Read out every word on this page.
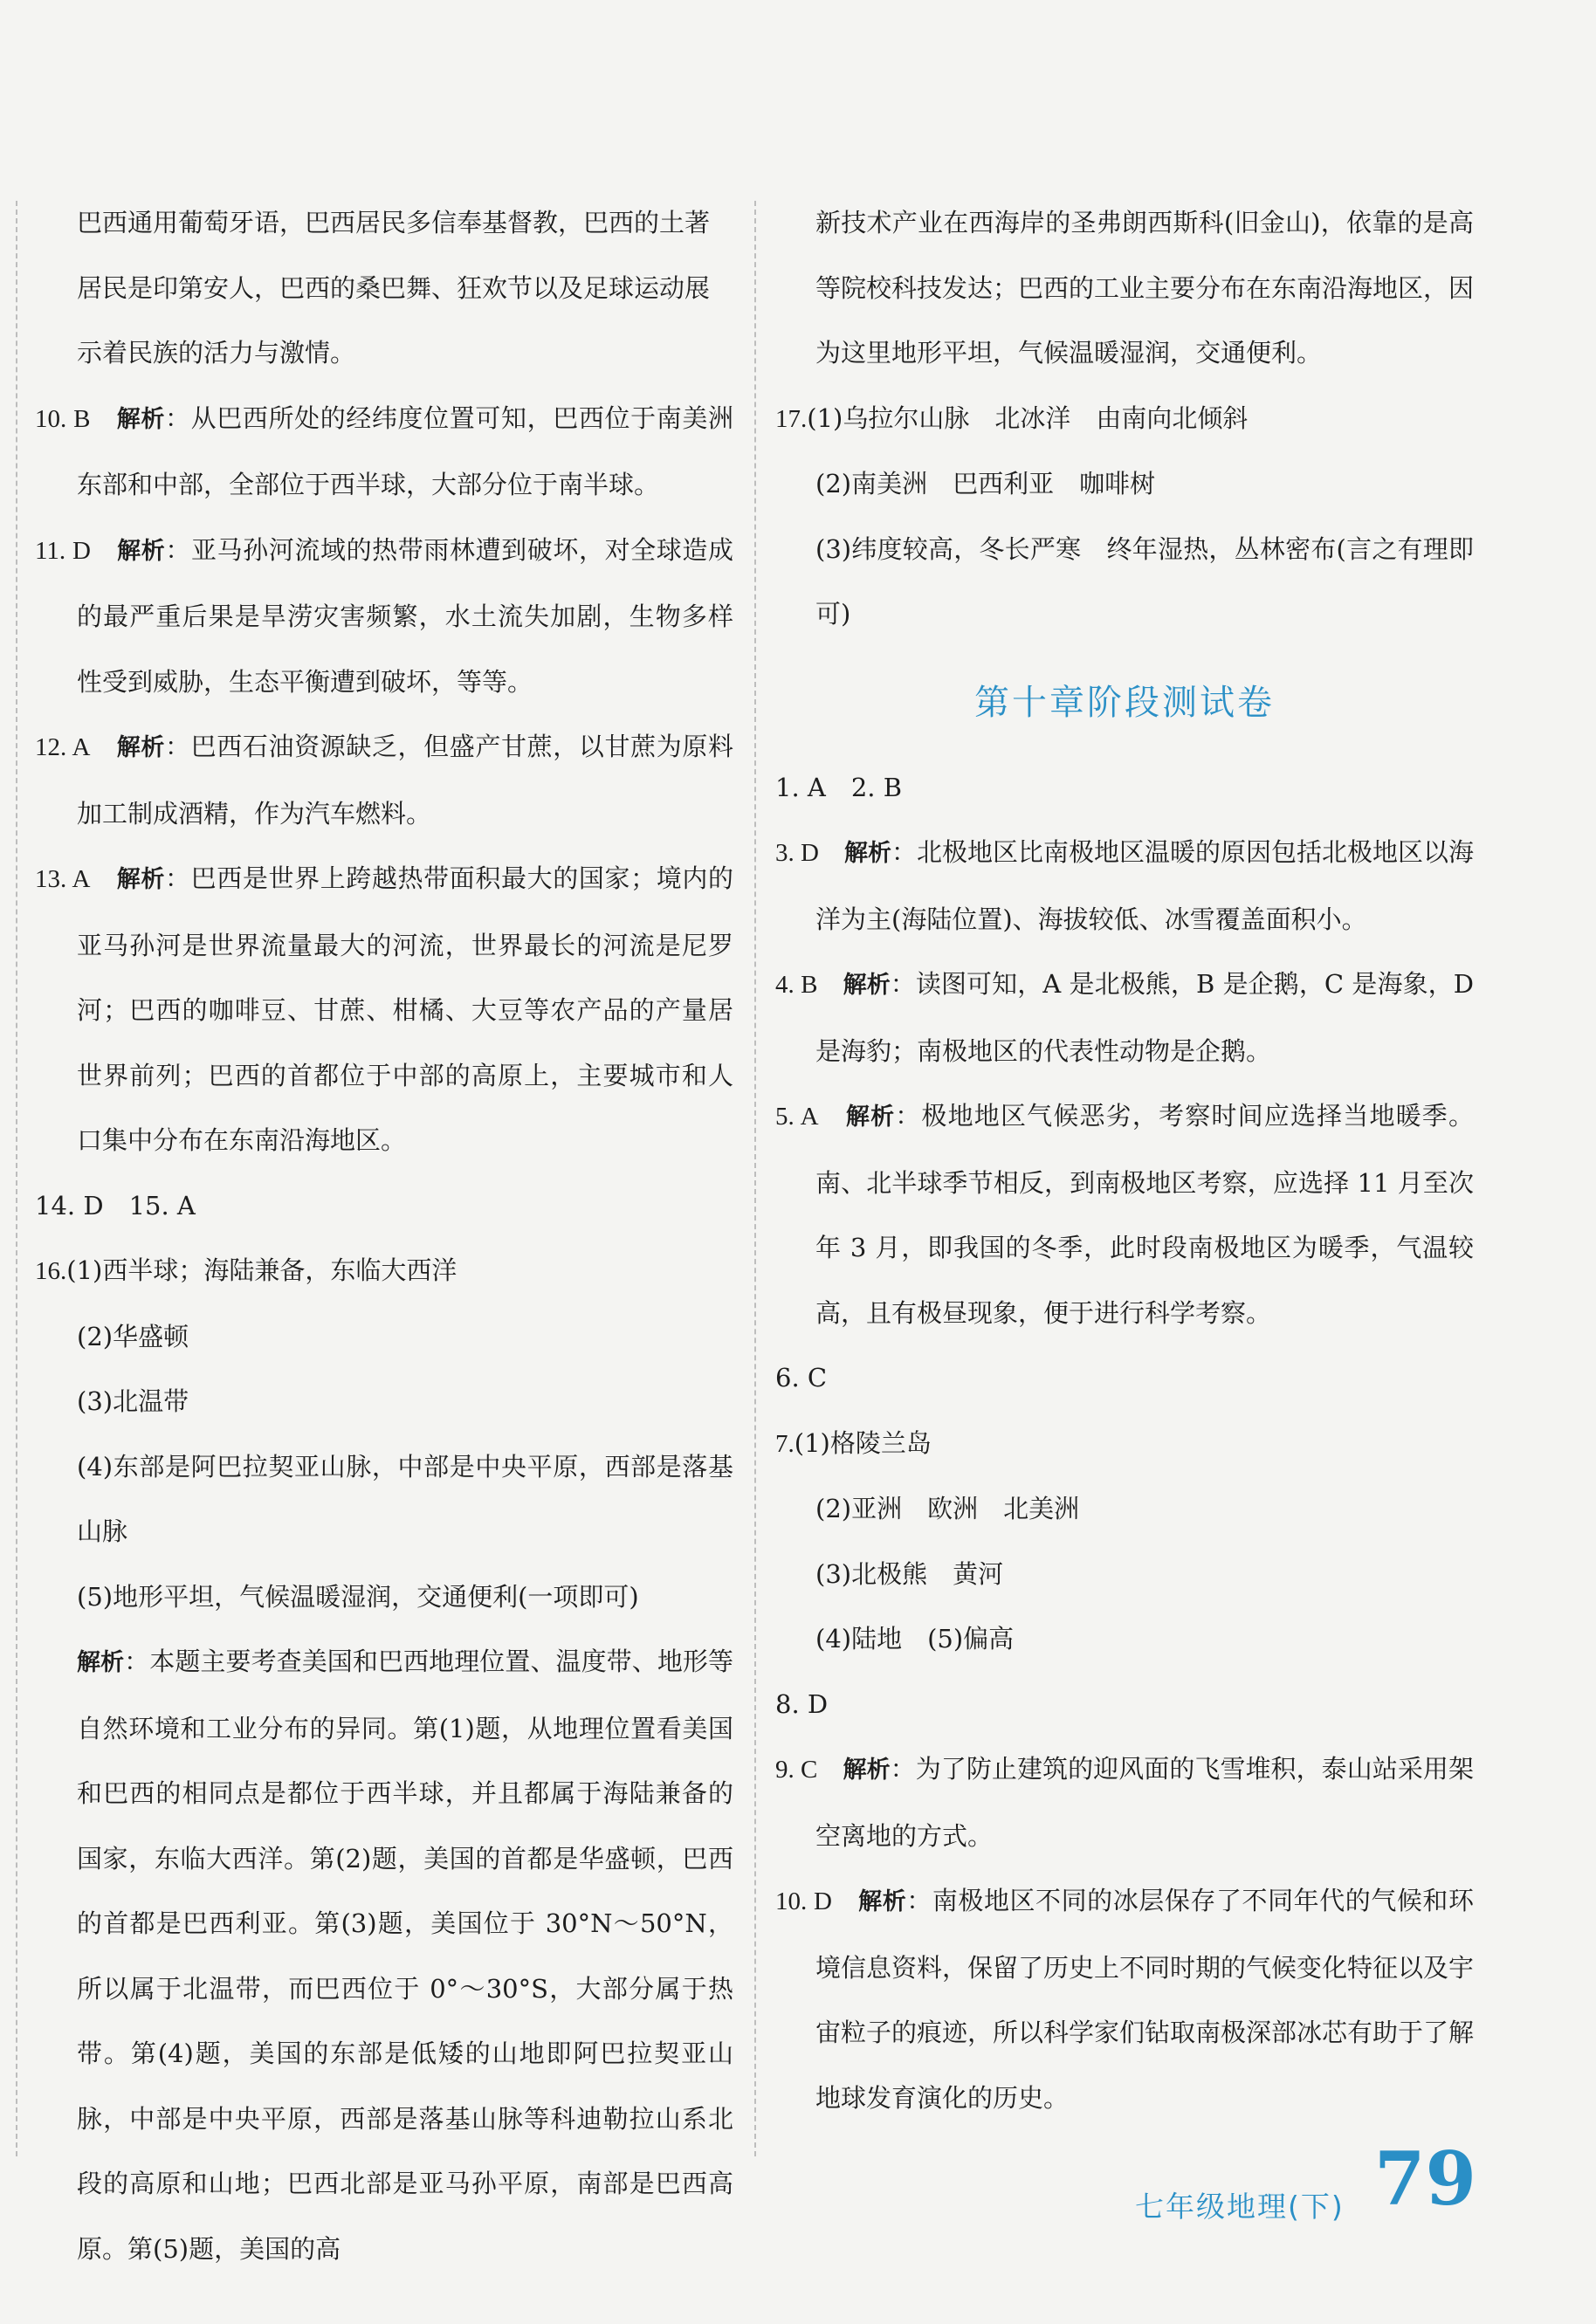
巴西通用葡萄牙语，巴西居民多信奉基督教，巴西的土著
居民是印第安人，巴西的桑巴舞、狂欢节以及足球运动展
示着民族的活力与激情。
10. B　 解析：从巴西所处的经纬度位置可知，巴西位于南美洲东部和中部，全部位于西半球，大部分位于南半球。
11. D　 解析：亚马孙河流域的热带雨林遭到破坏，对全球造成的最严重后果是旱涝灾害频繁，水土流失加剧，生物多样性受到威胁，生态平衡遭到破坏，等等。
12. A　 解析：巴西石油资源缺乏，但盛产甘蔗，以甘蔗为原料加工制成酒精，作为汽车燃料。
13. A　 解析：巴西是世界上跨越热带面积最大的国家；境内的亚马孙河是世界流量最大的河流，世界最长的河流是尼罗河；巴西的咖啡豆、甘蔗、柑橘、大豆等农产品的产量居世界前列；巴西的首都位于中部的高原上，主要城市和人口集中分布在东南沿海地区。
14. D　15. A
16.(1)西半球；海陆兼备，东临大西洋
(2)华盛顿
(3)北温带
(4)东部是阿巴拉契亚山脉，中部是中央平原，西部是落基山脉
(5)地形平坦，气候温暖湿润，交通便利(一项即可)
解析：本题主要考查美国和巴西地理位置、温度带、地形等自然环境和工业分布的异同。第(1)题，从地理位置看美国和巴西的相同点是都位于西半球，并且都属于海陆兼备的国家，东临大西洋。第(2)题，美国的首都是华盛顿，巴西的首都是巴西利亚。第(3)题，美国位于 30°N～50°N，所以属于北温带，而巴西位于 0°～30°S，大部分属于热带。第(4)题，美国的东部是低矮的山地即阿巴拉契亚山脉，中部是中央平原，西部是落基山脉等科迪勒拉山系北段的高原和山地；巴西北部是亚马孙平原，南部是巴西高原。第(5)题，美国的高
新技术产业在西海岸的圣弗朗西斯科(旧金山)，依靠的是高等院校科技发达；巴西的工业主要分布在东南沿海地区，因为这里地形平坦，气候温暖湿润，交通便利。
17.(1)乌拉尔山脉　北冰洋　由南向北倾斜
(2)南美洲　巴西利亚　咖啡树
(3)纬度较高，冬长严寒　终年湿热，丛林密布(言之有理即可)
第十章阶段测试卷
1. A　2. B
3. D　 解析：北极地区比南极地区温暖的原因包括北极地区以海洋为主(海陆位置)、海拔较低、冰雪覆盖面积小。
4. B　 解析：读图可知，A 是北极熊，B 是企鹅，C 是海象，D 是海豹；南极地区的代表性动物是企鹅。
5. A　 解析：极地地区气候恶劣，考察时间应选择当地暖季。南、北半球季节相反，到南极地区考察，应选择 11 月至次年 3 月，即我国的冬季，此时段南极地区为暖季，气温较高，且有极昼现象，便于进行科学考察。
6. C
7.(1)格陵兰岛
(2)亚洲　欧洲　北美洲
(3)北极熊　黄河
(4)陆地　(5)偏高
8. D
9. C　 解析：为了防止建筑的迎风面的飞雪堆积，泰山站采用架空离地的方式。
10. D　 解析：南极地区不同的冰层保存了不同年代的气候和环境信息资料，保留了历史上不同时期的气候变化特征以及宇宙粒子的痕迹，所以科学家们钻取南极深部冰芯有助于了解地球发育演化的历史。
七年级地理(下) 79
